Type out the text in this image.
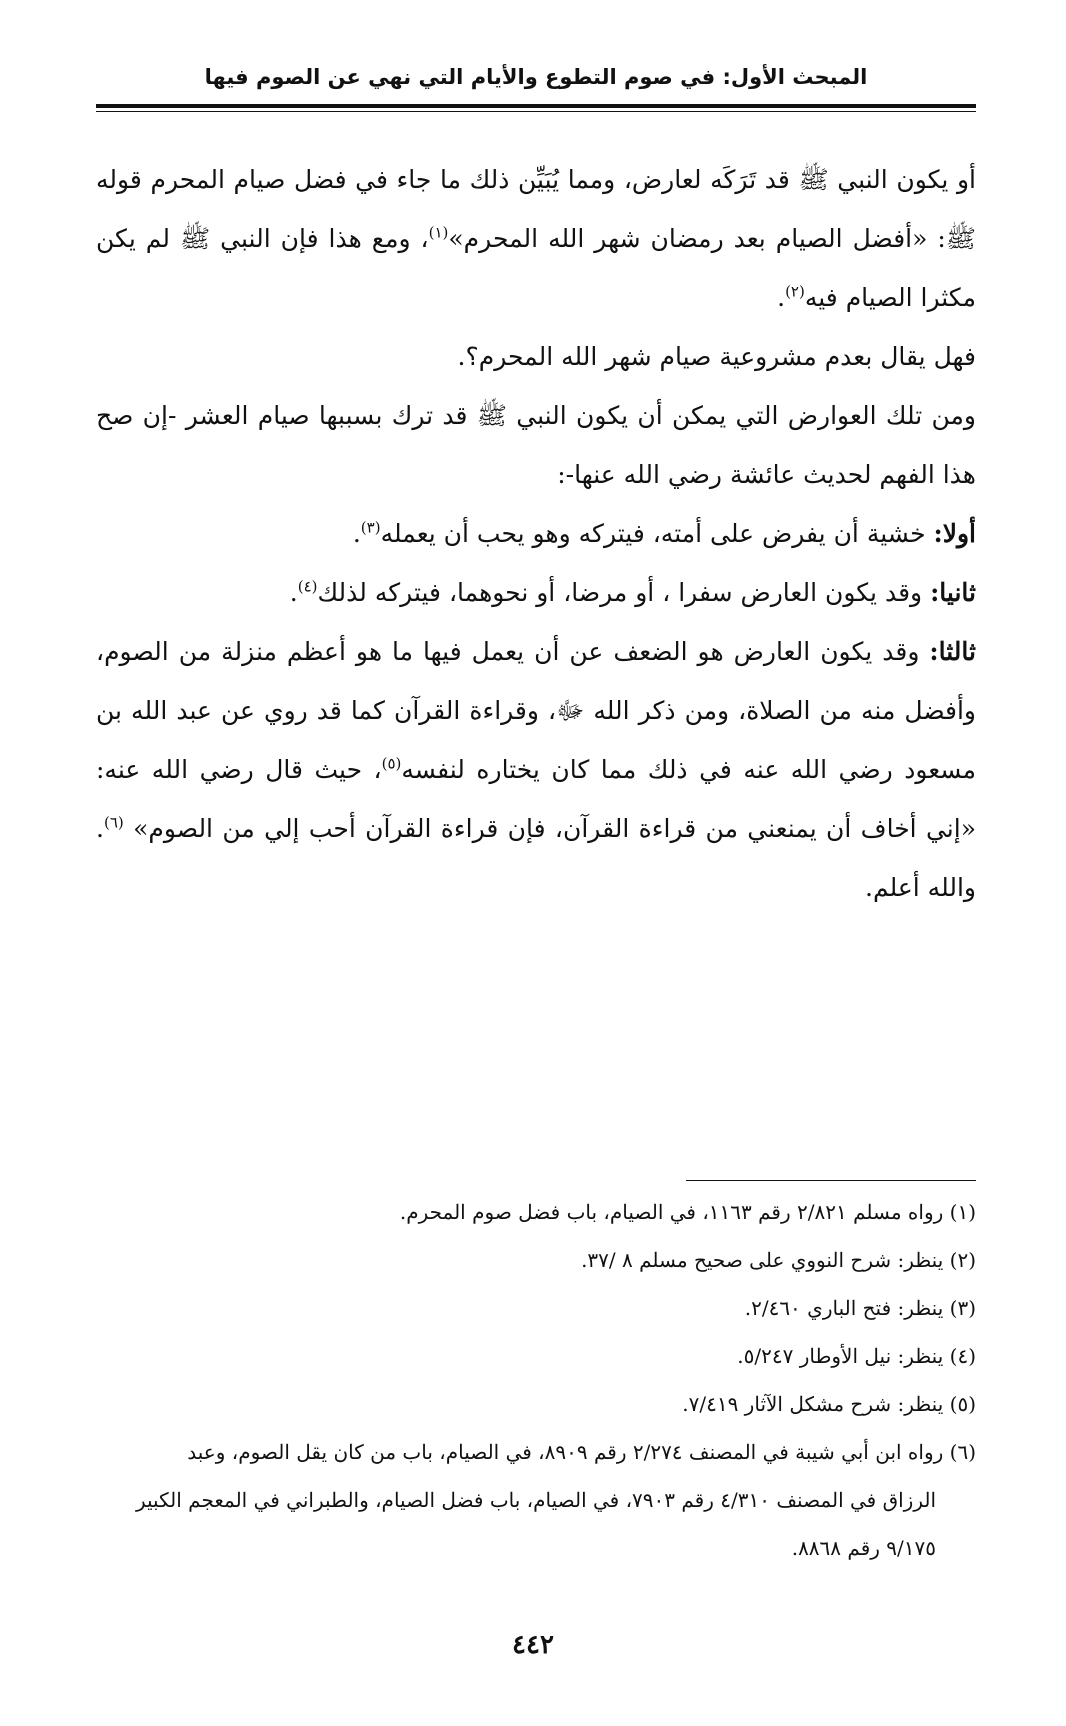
المبحث الأول: في صوم التطوع والأيام التي نهي عن الصوم فيها

أو يكون النبي ﷺ قد تَرَكَه لعارض، ومما يُبَيِّن ذلك ما جاء في فضل صيام المحرم قوله ﷺ: «أفضل الصيام بعد رمضان شهر الله المحرم»$^{(١)}$، ومع هذا فإن النبي ﷺ لم يكن مكثرا الصيام فيه$^{(٢)}$.

فهل يقال بعدم مشروعية صيام شهر الله المحرم؟.

ومن تلك العوارض التي يمكن أن يكون النبي ﷺ قد ترك بسببها صيام العشر -إن صح هذا الفهم لحديث عائشة رضي الله عنها-:

أولا: خشية أن يفرض على أمته، فيتركه وهو يحب أن يعمله$^{(٣)}$.

ثانيا: وقد يكون العارض سفرا ، أو مرضا، أو نحوهما، فيتركه لذلك$^{(٤)}$.

ثالثا: وقد يكون العارض هو الضعف عن أن يعمل فيها ما هو أعظم منزلة من الصوم، وأفضل منه من الصلاة، ومن ذكر الله ﷻ، وقراءة القرآن كما قد روي عن عبد الله بن مسعود رضي الله عنه في ذلك مما كان يختاره لنفسه$^{(٥)}$، حيث قال رضي الله عنه: «إني أخاف أن يمنعني من قراءة القرآن، فإن قراءة القرآن أحب إلي من الصوم» $^{(٦)}$. والله أعلم.

(١) رواه مسلم ٢/٨٢١ رقم ١١٦٣، في الصيام، باب فضل صوم المحرم.

(٢) ينظر: شرح النووي على صحيح مسلم ٨ /٣٧.

(٣) ينظر: فتح الباري ٢/٤٦٠.

(٤) ينظر: نيل الأوطار ٥/٢٤٧.

(٥) ينظر: شرح مشكل الآثار ٧/٤١٩.

(٦) رواه ابن أبي شيبة في المصنف ٢/٢٧٤ رقم ٨٩٠٩، في الصيام، باب من كان يقل الصوم، وعبد

الرزاق في المصنف ٤/٣١٠ رقم ٧٩٠٣، في الصيام، باب فضل الصيام، والطبراني في المعجم الكبير

٩/١٧٥ رقم ٨٨٦٨.

٤٤٢
